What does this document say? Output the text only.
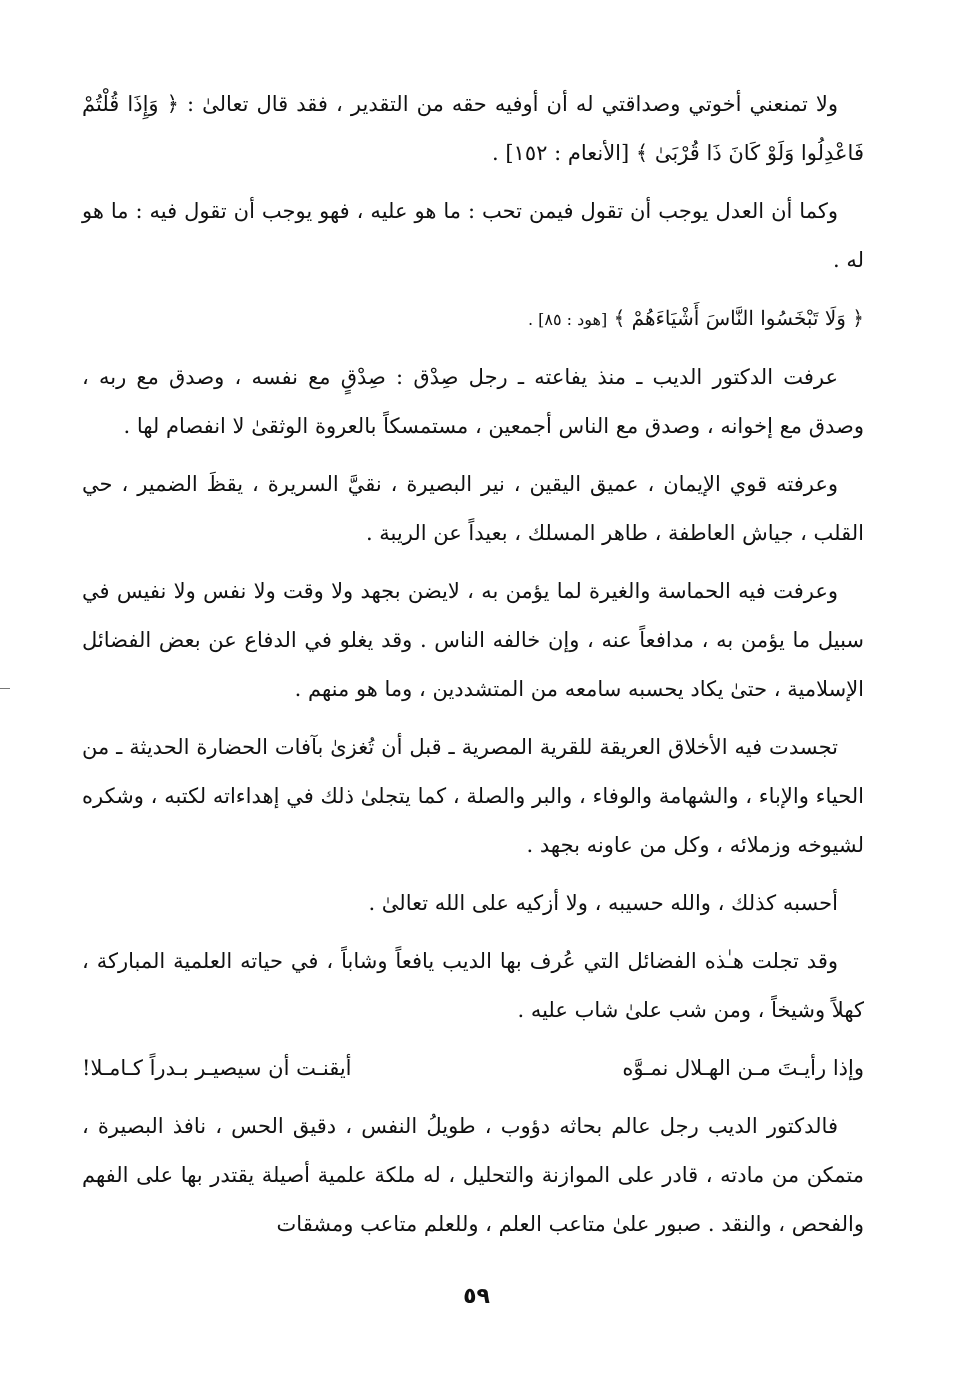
ولا تمنعني أخوتي وصداقتي له أن أوفيه حقه من التقدير ، فقد قال تعالىٰ : ﴿ وَإِذَا قُلْتُمْ فَاعْدِلُوا وَلَوْ كَانَ ذَا قُرْبَىٰ ﴾ [الأنعام : ١٥٢] .

وكما أن العدل يوجب أن تقول فيمن تحب : ما هو عليه ، فهو يوجب أن تقول فيه : ما هو له .

﴿ وَلَا تَبْخَسُوا النَّاسَ أَشْيَاءَهُمْ ﴾ [هود : ٨٥] .

عرفت الدكتور الديب ـ منذ يفاعته ـ رجل صِدْق : صِدْقٍ مع نفسه ، وصدق مع ربه ، وصدق مع إخوانه ، وصدق مع الناس أجمعين ، مستمسكاً بالعروة الوثقىٰ لا انفصام لها .

وعرفته قوي الإيمان ، عميق اليقين ، نير البصيرة ، نقيَّ السريرة ، يقظَ الضمير ، حي القلب ، جياش العاطفة ، طاهر المسلك ، بعيداً عن الريبة .

وعرفت فيه الحماسة والغيرة لما يؤمن به ، لايضن بجهد ولا وقت ولا نفس ولا نفيس في سبيل ما يؤمن به ، مدافعاً عنه ، وإن خالفه الناس . وقد يغلو في الدفاع عن بعض الفضائل الإسلامية ، حتىٰ يكاد يحسبه سامعه من المتشددين ، وما هو منهم .

تجسدت فيه الأخلاق العريقة للقرية المصرية ـ قبل أن تُغزىٰ بآفات الحضارة الحديثة ـ من الحياء والإباء ، والشهامة والوفاء ، والبر والصلة ، كما يتجلىٰ ذلك في إهداءاته لكتبه ، وشكره لشيوخه وزملائه ، وكل من عاونه بجهد .

أحسبه كذلك ، والله حسيبه ، ولا أزكيه على الله تعالىٰ .

وقد تجلت هـٰذه الفضائل التي عُرف بها الديب يافعاً وشاباً ، في حياته العلمية المباركة ، كهلاً وشيخاً ، ومن شب علىٰ شاب عليه .

وإذا رأيـتَ مـن الهـلال نمـوَّه
أيقنـت أن سيصيـر بـدراً كـامـلا!

فالدكتور الديب رجل عالم بحاثه دؤوب ، طويلُ النفس ، دقيق الحس ، نافذ البصيرة ، متمكن من مادته ، قادر على الموازنة والتحليل ، له ملكة علمية أصيلة يقتدر بها على الفهم والفحص ، والنقد . صبور علىٰ متاعب العلم ، وللعلم متاعب ومشقات

٥٩
